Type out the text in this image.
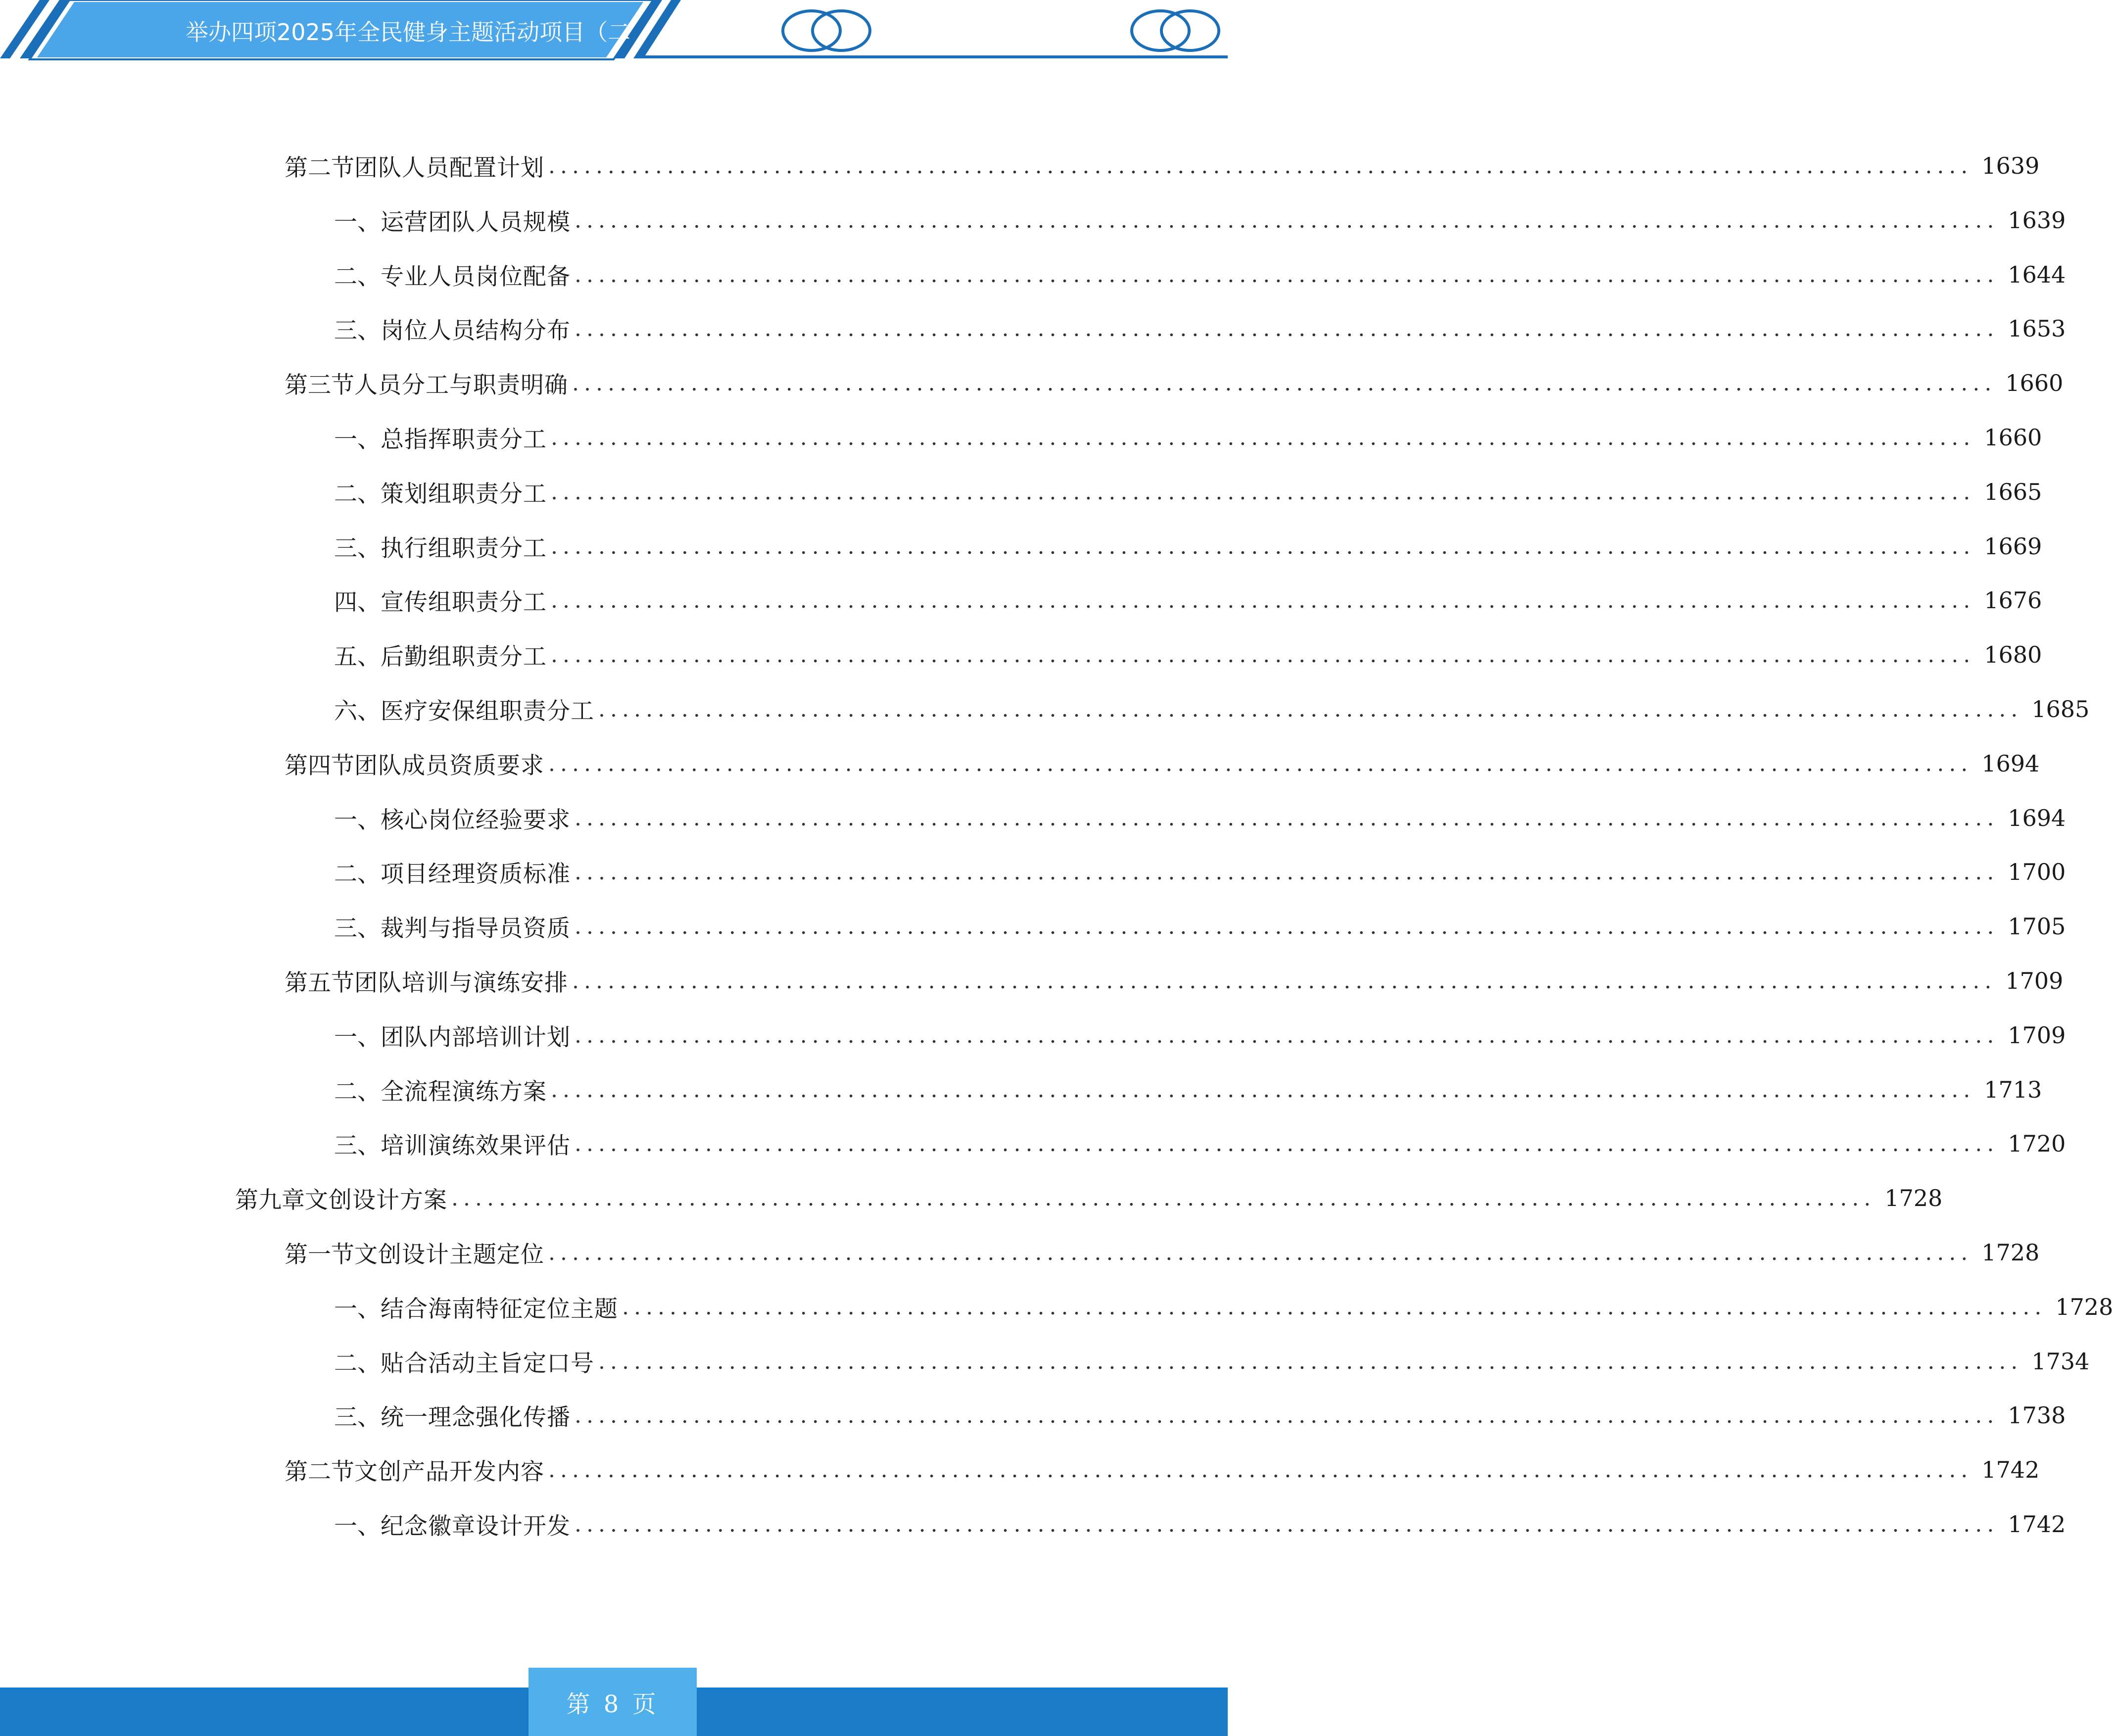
举办四项2025年全民健身主题活动项目（二
第二节 团队人员配置计划 ........................................................................................................................ 1639
一、 运营团队人员规模 ........................................................................................................................ 1639
二、 专业人员岗位配备 ........................................................................................................................ 1644
三、 岗位人员结构分布 ........................................................................................................................ 1653
第三节 人员分工与职责明确 ........................................................................................................................ 1660
一、 总指挥职责分工 ........................................................................................................................ 1660
二、 策划组职责分工 ........................................................................................................................ 1665
三、 执行组职责分工 ........................................................................................................................ 1669
四、 宣传组职责分工 ........................................................................................................................ 1676
五、 后勤组职责分工 ........................................................................................................................ 1680
六、 医疗安保组职责分工 ........................................................................................................................ 1685
第四节 团队成员资质要求 ........................................................................................................................ 1694
一、 核心岗位经验要求 ........................................................................................................................ 1694
二、 项目经理资质标准 ........................................................................................................................ 1700
三、 裁判与指导员资质 ........................................................................................................................ 1705
第五节 团队培训与演练安排 ........................................................................................................................ 1709
一、 团队内部培训计划 ........................................................................................................................ 1709
二、 全流程演练方案 ........................................................................................................................ 1713
三、 培训演练效果评估 ........................................................................................................................ 1720
第九章 文创设计方案 ........................................................................................................................ 1728
第一节 文创设计主题定位 ........................................................................................................................ 1728
一、 结合海南特征定位主题 ........................................................................................................................ 1728
二、 贴合活动主旨定口号 ........................................................................................................................ 1734
三、 统一理念强化传播 ........................................................................................................................ 1738
第二节 文创产品开发内容 ........................................................................................................................ 1742
一、 纪念徽章设计开发 ........................................................................................................................ 1742
第 8 页
